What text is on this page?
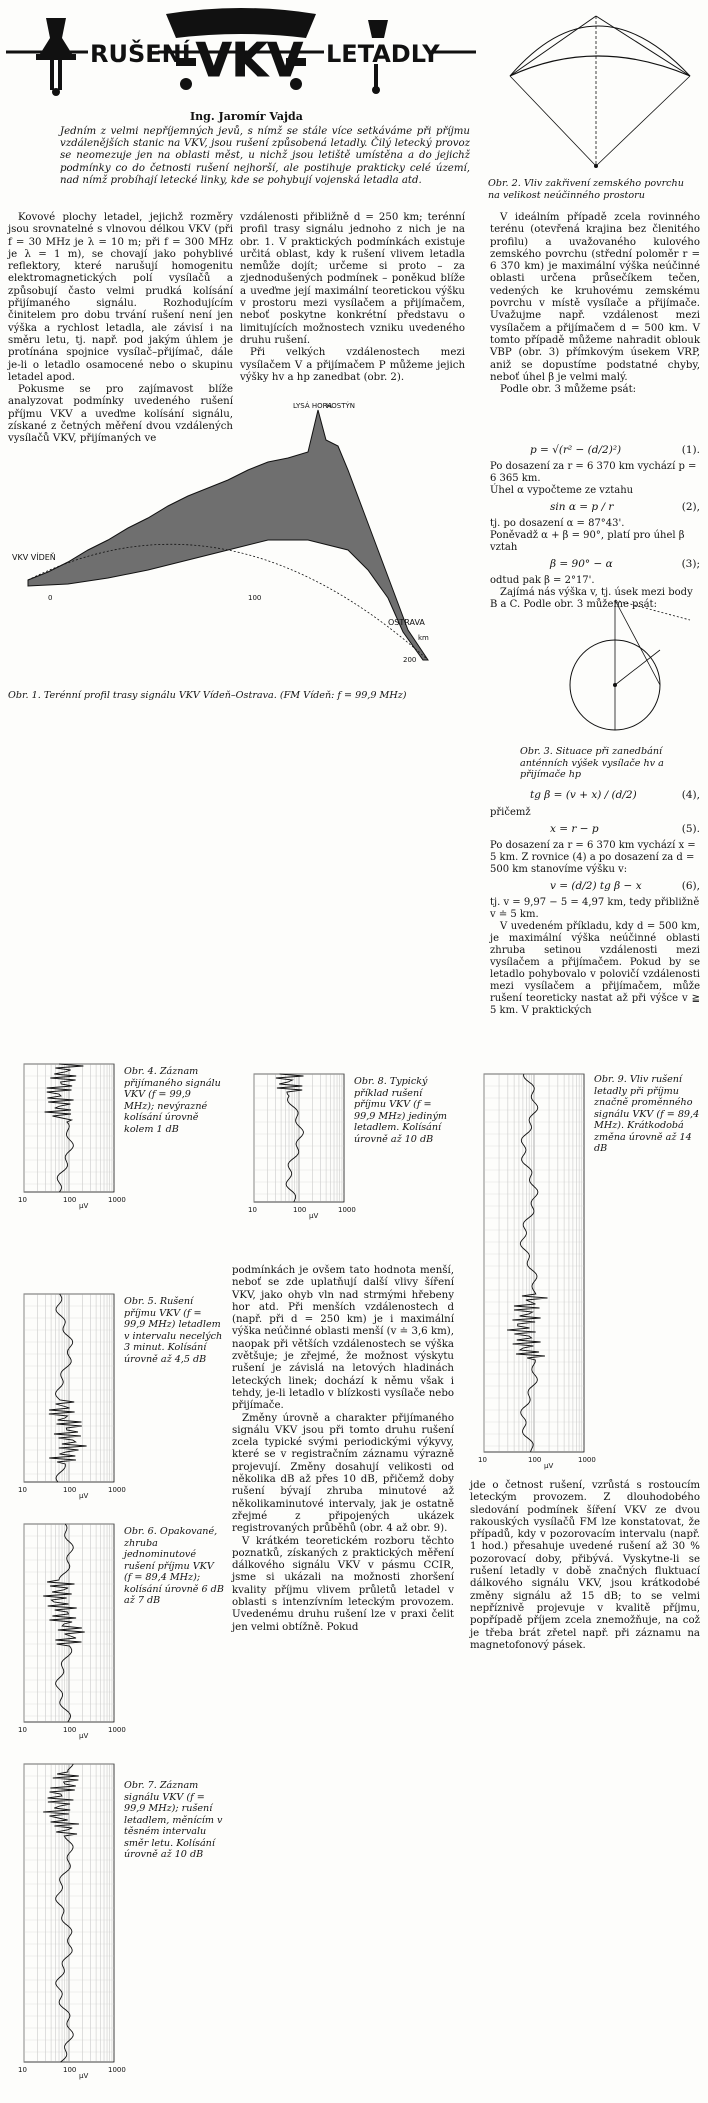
RUŠENÍ VKV LETADLY
Ing. Jaromír Vajda
Jedním z velmi nepříjemných jevů, s nímž se stále více setkáváme při příjmu vzdálenějších stanic na VKV, jsou rušení způsobená letadly. Čilý letecký provoz se neomezuje jen na oblasti měst, u nichž jsou letiště umístěna a do jejichž podmínky co do četnosti rušení nejhorší, ale postihuje prakticky celé území, nad nímž probíhají letecké linky, kde se pohybují vojenská letadla atd.	Obr. 2. Vliv zakřivení zemského povrchu na velikost neúčinného prostoru

Kovové plochy letadel, jejichž rozměry jsou srovnatelné s vlnovou délkou VKV (při f = 30 MHz je λ = 10 m; při f = 300 MHz je λ = 1 m), se chovají jako pohyblivé reflektory, které narušují homogenitu elektromagnetických polí vysílačů a způsobují často velmi prudká kolísání přijímaného signálu. Rozhodujícím činitelem pro dobu trvání rušení není jen výška a rychlost letadla, ale závisí i na směru letu, tj. např. pod jakým úhlem je protínána spojnice vysílač–přijímač, dále je-li o letadlo osamocené nebo o skupinu letadel apod.

Pokusme se pro zajímavost blíže analyzovat podmínky uvedeného rušení příjmu VKV a uveďme kolísání signálu, získané z četných měření dvou vzdálených vysílačů VKV, přijímaných ve

vzdálenosti přibližně d = 250 km; terénní profil trasy signálu jednoho z nich je na obr. 1. V praktických podmínkách existuje určitá oblast, kdy k rušení vlivem letadla nemůže dojít; určeme si proto – za zjednodušených podmínek – poněkud blíže a uveďme její maximální teoretickou výšku v prostoru mezi vysílačem a přijímačem, neboť poskytne konkrétní představu o limitujících možnostech vzniku uvedeného druhu rušení.

Při velkých vzdálenostech mezi vysílačem V a přijímačem P můžeme jejich výšky hv a hp zanedbat (obr. 2).

V ideálním případě zcela rovinného terénu (otevřená krajina bez členitého profilu) a uvažovaného kulového zemského povrchu (střední poloměr r = 6 370 km) je maximální výška neúčinné oblasti určena průsečíkem tečen, vedených ke kruhovému zemskému povrchu v místě vysílače a přijímače. Uvažujme např. vzdálenost mezi vysílačem a přijímačem d = 500 km. V tomto případě můžeme nahradit oblouk VBP (obr. 3) přímkovým úsekem VRP, aniž se dopustíme podstatné chyby, neboť úhel β je velmi malý.

Podle obr. 3 můžeme psát:

p = √(r² − (d/2)²)	(1).
Po dosazení za r = 6 370 km vychází p = 6 365 km.
Úhel α vypočteme ze vztahu
sin α = p / r	(2),
tj. po dosazení α = 87°43'.
Poněvadž α + β = 90°, platí pro úhel β vztah
β = 90° − α	(3);
odtud pak β = 2°17'.
Zajímá nás výška v, tj. úsek mezi body B a C. Podle obr. 3 můžeme psát:
VKV VÍDEŇ
OSTRAVA
LYSÁ HORA
HOSTÝN
0	100
200
km
Obr. 1. Terénní profil trasy signálu VKV Vídeň–Ostrava. (FM Vídeň: f = 99,9 MHz)
Obr. 3. Situace při zanedbání anténních výšek vysílače hv a přijímače hp
tg β = (v + x) / (d/2)	(4),
přičemž
x = r − p	(5).
Po dosazení za r = 6 370 km vychází x = 5 km. Z rovnice (4) a po dosazení za d = 500 km stanovíme výšku v:
v = (d/2) tg β − x	(6),
tj. v = 9,97 − 5 = 4,97 km, tedy přibližně v ≐ 5 km.
V uvedeném příkladu, kdy d = 500 km, je maximální výška neúčinné oblasti zhruba setinou vzdálenosti mezi vysílačem a přijímačem. Pokud by se letadlo pohybovalo v polovičí vzdálenosti mezi vysílačem a přijímačem, může rušení teoreticky nastat až při výšce v ≧ 5 km. V praktických
10	100	1000
μV
Obr. 4. Záznam přijímaného signálu VKV (f = 99,9 MHz); nevýrazné kolísání úrovně kolem 1 dB
10	100	1000
μV
Obr. 8. Typický příklad rušení příjmu VKV (f = 99,9 MHz) jediným letadlem. Kolísání úrovně až 10 dB
10	100	1000
μV
Obr. 9. Vliv rušení letadly při příjmu značně proměnného signálu VKV (f = 89,4 MHz). Krátkodobá změna úrovně až 14 dB
10	100	1000
μV
Obr. 5. Rušení příjmu VKV (f = 99,9 MHz) letadlem v intervalu necelých 3 minut. Kolísání úrovně až 4,5 dB
10	100	1000
μV
Obr. 6. Opakované, zhruba jednominutové rušení příjmu VKV (f = 89,4 MHz); kolísání úrovně 6 dB až 7 dB
10	100	1000
μV
Obr. 7. Záznam signálu VKV (f = 99,9 MHz); rušení letadlem, měnícím v těsném intervalu směr letu. Kolísání úrovně až 10 dB

podmínkách je ovšem tato hodnota menší, neboť se zde uplatňují další vlivy šíření VKV, jako ohyb vln nad strmými hřebeny hor atd. Při menších vzdálenostech d (např. při d = 250 km) je i maximální výška neúčinné oblasti menší (v ≐ 3,6 km), naopak při větších vzdálenostech se výška zvětšuje; je zřejmé, že možnost výskytu rušení je závislá na letových hladinách leteckých linek; dochází k němu však i tehdy, je-li letadlo v blízkosti vysílače nebo přijímače.

Změny úrovně a charakter přijímaného signálu VKV jsou při tomto druhu rušení zcela typické svými periodickými výkyvy, které se v registračním záznamu výrazně projevují. Změny dosahují velikosti od několika dB až přes 10 dB, přičemž doby rušení bývají zhruba minutové až několikaminutové intervaly, jak je ostatně zřejmé z připojených ukázek registrovaných průběhů (obr. 4 až obr. 9).

V krátkém teoretickém rozboru těchto poznatků, získaných z praktických měření dálkového signálu VKV v pásmu CCIR, jsme si ukázali na možnosti zhoršení kvality příjmu vlivem průletů letadel v oblasti s intenzívním leteckým provozem. Uvedenému druhu rušení lze v praxi čelit jen velmi obtížně. Pokud

jde o četnost rušení, vzrůstá s rostoucím leteckým provozem. Z dlouhodobého sledování podmínek šíření VKV ze dvou rakouských vysílačů FM lze konstatovat, že případů, kdy v pozorovacím intervalu (např. 1 hod.) přesahuje uvedené rušení až 30 % pozorovací doby, přibývá. Vyskytne-li se rušení letadly v době značných fluktuací dálkového signálu VKV, jsou krátkodobé změny signálu až 15 dB; to se velmi nepříznivě projevuje v kvalitě příjmu, popřípadě příjem zcela znemožňuje, na což je třeba brát zřetel např. při záznamu na magnetofonový pásek.
